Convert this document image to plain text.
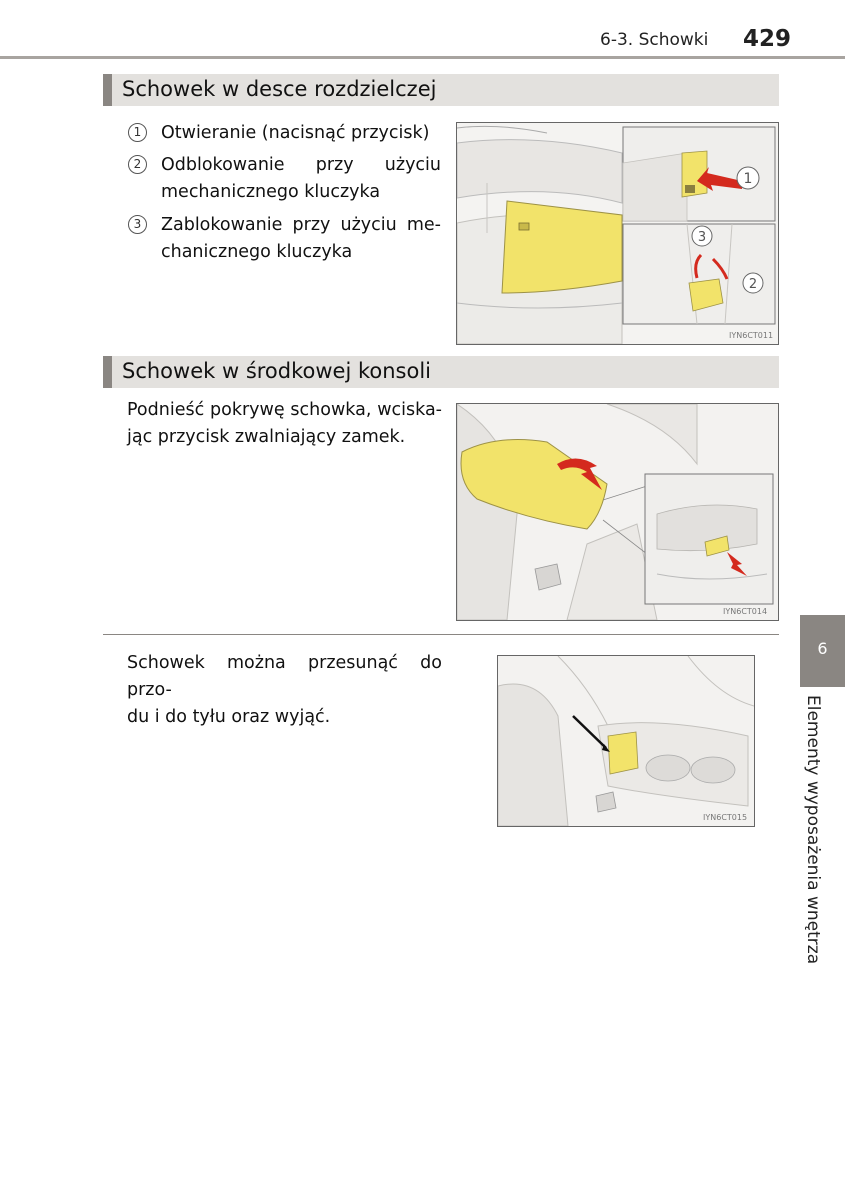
6-3. Schowki 429
Schowek w desce rozdzielczej
1	Otwieranie (nacisnąć przycisk)
2	Odblokowanie przy użyciu
mechanicznego kluczyka
3	Zablokowanie przy użyciu me-
chanicznego kluczyka
1
3
2
IYN6CT011
Schowek w środkowej konsoli
Podnieść pokrywę schowka, wciska-
jąc przycisk zwalniający zamek.
IYN6CT014
Schowek można przesunąć do przo-
du i do tyłu oraz wyjąć.
IYN6CT015
6
Elementy wyposażenia wnętrza
